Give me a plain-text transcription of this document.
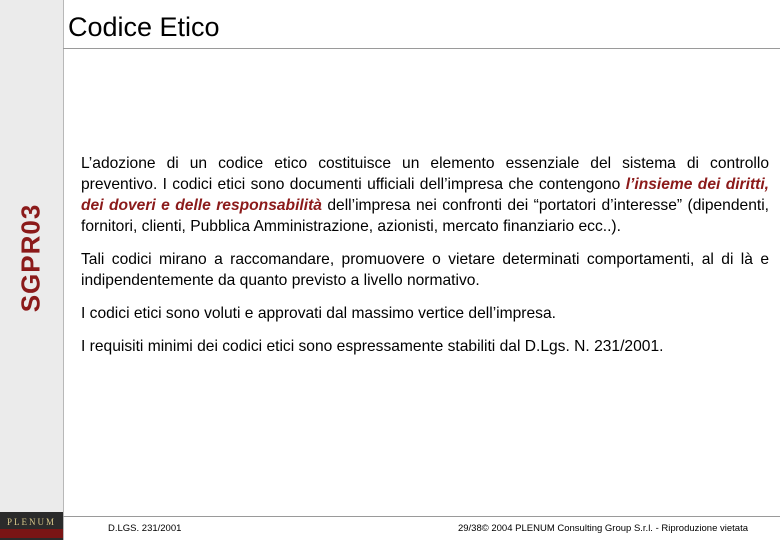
SGPR03
PLENUM
Codice Etico

L’adozione di un codice etico costituisce un elemento essenziale del sistema di controllo preventivo. I codici etici sono documenti ufficiali dell’impresa che contengono l’insieme dei diritti, dei doveri e delle responsabilità dell’impresa nei confronti dei “portatori d’interesse” (dipendenti, fornitori, clienti, Pubblica Amministrazione, azionisti, mercato finanziario ecc..).

Tali codici mirano a raccomandare, promuovere o vietare determinati comportamenti, al di là e indipendentemente da quanto previsto a livello normativo.

I codici etici sono voluti e approvati dal massimo vertice dell’impresa.

I requisiti minimi dei codici etici sono espressamente stabiliti dal D.Lgs. N. 231/2001.

D.LGS. 231/2001	29/38© 2004 PLENUM Consulting Group S.r.l. - Riproduzione vietata
